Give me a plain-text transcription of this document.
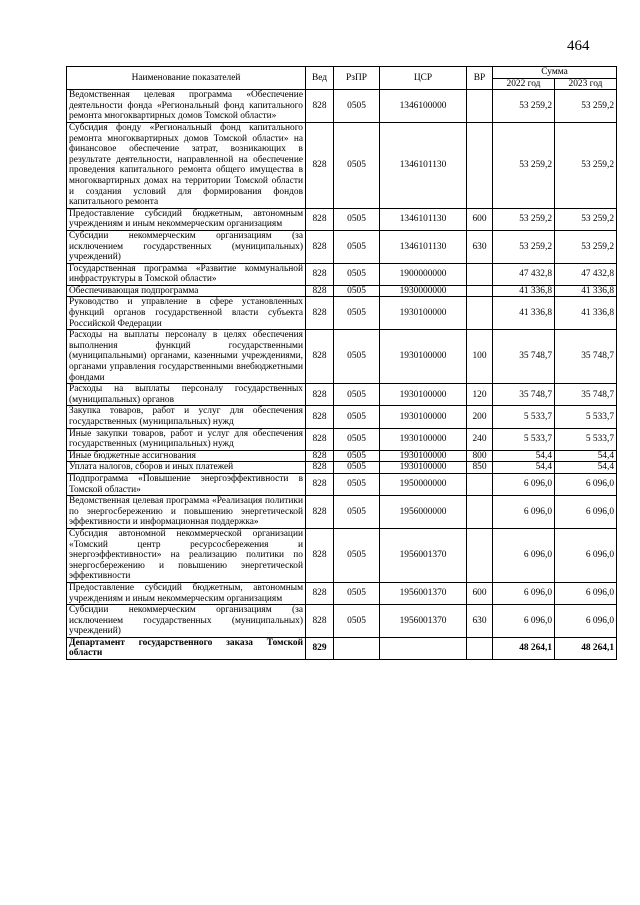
464
Наименование показателей	Вед	РзПР	ЦСР	ВР	Сумма	
					2022 год	2023 год
Ведомственная целевая программа «Обеспечение деятельности фонда «Региональный фонд капитального ремонта многоквартирных домов Томской области»	828	0505	1346100000		53 259,2	53 259,2
Субсидия фонду «Региональный фонд капитального ремонта многоквартирных домов Томской области» на финансовое обеспечение затрат, возникающих в результате деятельности, направленной на обеспечение проведения капитального ремонта общего имущества в многоквартирных домах на территории Томской области и создания условий для формирования фондов капитального ремонта	828	0505	1346101130		53 259,2	53 259,2
Предоставление субсидий бюджетным, автономным учреждениям и иным некоммерческим организациям	828	0505	1346101130	600	53 259,2	53 259,2
Субсидии некоммерческим организациям (за исключением государственных (муниципальных) учреждений)	828	0505	1346101130	630	53 259,2	53 259,2
Государственная программа «Развитие коммунальной инфраструктуры в Томской области»	828	0505	1900000000		47 432,8	47 432,8
Обеспечивающая подпрограмма	828	0505	1930000000		41 336,8	41 336,8
Руководство и управление в сфере установленных функций органов государственной власти субъекта Российской Федерации	828	0505	1930100000		41 336,8	41 336,8
Расходы на выплаты персоналу в целях обеспечения выполнения функций государственными (муниципальными) органами, казенными учреждениями, органами управления государственными внебюджетными фондами	828	0505	1930100000	100	35 748,7	35 748,7
Расходы на выплаты персоналу государственных (муниципальных) органов	828	0505	1930100000	120	35 748,7	35 748,7
Закупка товаров, работ и услуг для обеспечения государственных (муниципальных) нужд	828	0505	1930100000	200	5 533,7	5 533,7
Иные закупки товаров, работ и услуг для обеспечения государственных (муниципальных) нужд	828	0505	1930100000	240	5 533,7	5 533,7
Иные бюджетные ассигнования	828	0505	1930100000	800	54,4	54,4
Уплата налогов, сборов и иных платежей	828	0505	1930100000	850	54,4	54,4
Подпрограмма «Повышение энергоэффективности в Томской области»	828	0505	1950000000		6 096,0	6 096,0
Ведомственная целевая программа «Реализация политики по энергосбережению и повышению энергетической эффективности и информационная поддержка»	828	0505	1956000000		6 096,0	6 096,0
Субсидия автономной некоммерческой организации «Томский центр ресурсосбережения и энергоэффективности» на реализацию политики по энергосбережению и повышению энергетической эффективности	828	0505	1956001370		6 096,0	6 096,0
Предоставление субсидий бюджетным, автономным учреждениям и иным некоммерческим организациям	828	0505	1956001370	600	6 096,0	6 096,0
Субсидии некоммерческим организациям (за исключением государственных (муниципальных) учреждений)	828	0505	1956001370	630	6 096,0	6 096,0
Департамент государственного заказа Томской области	829				48 264,1	48 264,1
